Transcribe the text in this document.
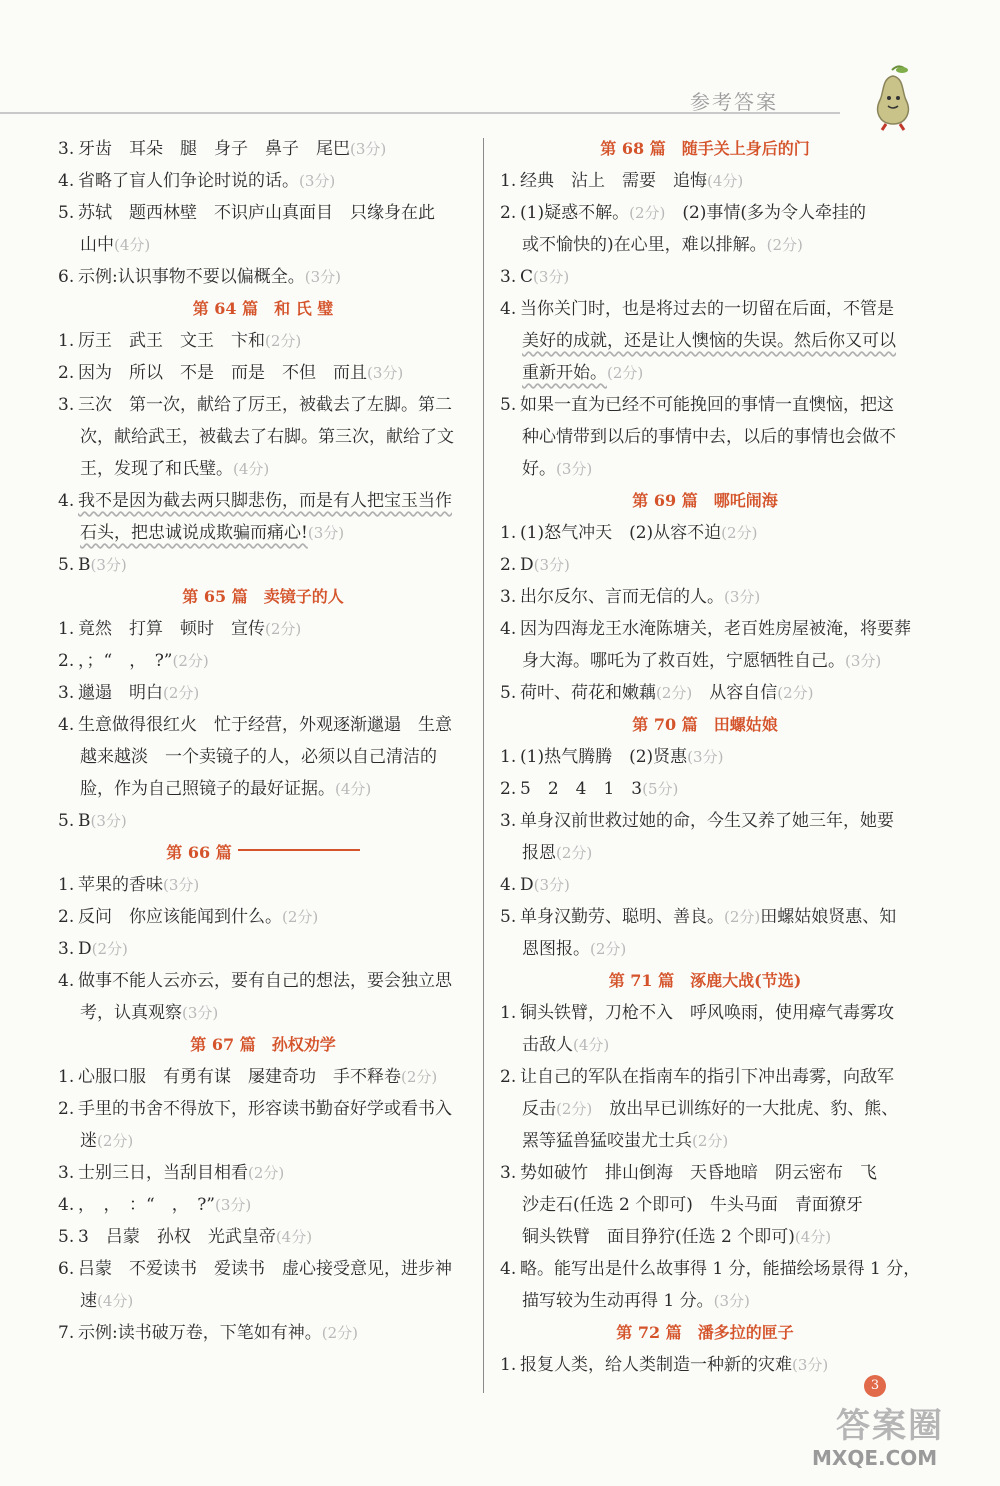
参考答案
3. 牙齿　耳朵　腿　身子　鼻子　尾巴(3分)
4. 省略了盲人们争论时说的话。(3分)
5. 苏轼　题西林壁　不识庐山真面目　只缘身在此
山中(4分)
6. 示例:认识事物不要以偏概全。(3分)
第 64 篇　和 氏 璧
1. 厉王　武王　文王　卞和(2分)
2. 因为　所以　不是　而是　不但　而且(3分)
3. 三次　第一次，献给了厉王，被截去了左脚。第二
次，献给武王，被截去了右脚。第三次，献给了文
王，发现了和氏璧。(4分)
4. 我不是因为截去两只脚悲伤，而是有人把宝玉当作
石头，把忠诚说成欺骗而痛心!(3分)
5. B(3分)
第 65 篇　卖镜子的人
1. 竟然　打算　顿时　宣传(2分)
2. ，；“　，　?”(2分)
3. 邋遢　明白(2分)
4. 生意做得很红火　忙于经营，外观逐渐邋遢　生意
越来越淡　一个卖镜子的人，必须以自己清洁的
脸，作为自己照镜子的最好证据。(4分)
5. B(3分)
第 66 篇
1. 苹果的香味(3分)
2. 反问　你应该能闻到什么。(2分)
3. D(2分)
4. 做事不能人云亦云，要有自己的想法，要会独立思
考，认真观察(3分)
第 67 篇　孙权劝学
1. 心服口服　有勇有谋　屡建奇功　手不释卷(2分)
2. 手里的书舍不得放下，形容读书勤奋好学或看书入
迷(2分)
3. 士别三日，当刮目相看(2分)
4. ，　，　：“　，　?”(3分)
5. 3　吕蒙　孙权　光武皇帝(4分)
6. 吕蒙　不爱读书　爱读书　虚心接受意见，进步神
速(4分)
7. 示例:读书破万卷，下笔如有神。(2分)
第 68 篇　随手关上身后的门
1. 经典　沾上　需要　追悔(4分)
2. (1)疑惑不解。(2分)　(2)事情(多为令人牵挂的
或不愉快的)在心里，难以排解。(2分)
3. C(3分)
4. 当你关门时，也是将过去的一切留在后面，不管是
美好的成就，还是让人懊恼的失误。然后你又可以
重新开始。(2分)
5. 如果一直为已经不可能挽回的事情一直懊恼，把这
种心情带到以后的事情中去，以后的事情也会做不
好。(3分)
第 69 篇　哪吒闹海
1. (1)怒气冲天　(2)从容不迫(2分)
2. D(3分)
3. 出尔反尔、言而无信的人。(3分)
4. 因为四海龙王水淹陈塘关，老百姓房屋被淹，将要葬
身大海。哪吒为了救百姓，宁愿牺牲自己。(3分)
5. 荷叶、荷花和嫩藕(2分)　从容自信(2分)
第 70 篇　田螺姑娘
1. (1)热气腾腾　(2)贤惠(3分)
2. 5　2　4　1　3(5分)
3. 单身汉前世救过她的命，今生又养了她三年，她要
报恩(2分)
4. D(3分)
5. 单身汉勤劳、聪明、善良。(2分)田螺姑娘贤惠、知
恩图报。(2分)
第 71 篇　涿鹿大战(节选)
1. 铜头铁臂，刀枪不入　呼风唤雨，使用瘴气毒雾攻
击敌人(4分)
2. 让自己的军队在指南车的指引下冲出毒雾，向敌军
反击(2分)　放出早已训练好的一大批虎、豹、熊、
罴等猛兽猛咬蚩尤士兵(2分)
3. 势如破竹　排山倒海　天昏地暗　阴云密布　飞
沙走石(任选 2 个即可)　牛头马面　青面獠牙
铜头铁臂　面目狰狞(任选 2 个即可)(4分)
4. 略。能写出是什么故事得 1 分，能描绘场景得 1 分，
描写较为生动再得 1 分。(3分)
第 72 篇　潘多拉的匣子
1. 报复人类，给人类制造一种新的灾难(3分)
3
答案圈
MXQE.COM
